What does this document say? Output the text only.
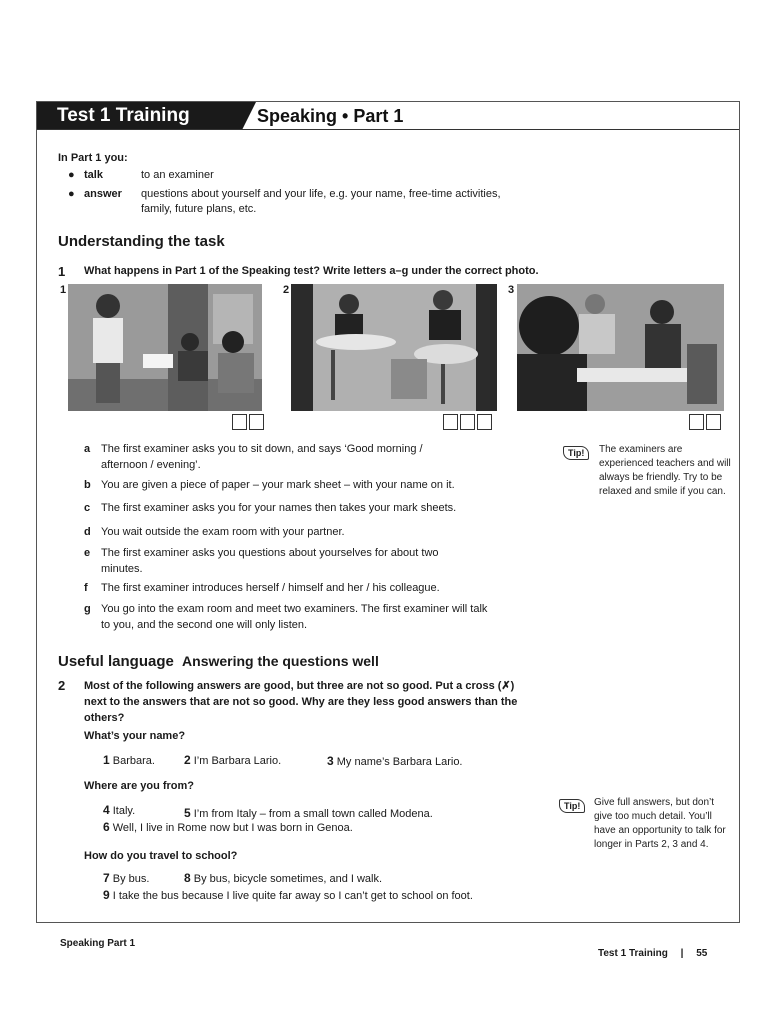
Test 1 Training	Speaking • Part 1
In Part 1 you:
● talk	to an examiner
● answer questions about yourself and your life, e.g. your name, free-time activities, family, future plans, etc.
Understanding the task
1 What happens in Part 1 of the Speaking test? Write letters a–g under the correct photo.
1	2	3
a The first examiner asks you to sit down, and says ‘Good morning / afternoon / evening’.
b You are given a piece of paper – your mark sheet – with your name on it.
c The first examiner asks you for your names then takes your mark sheets.
d You wait outside the exam room with your partner.
e The first examiner asks you questions about yourselves for about two minutes.
f The first examiner introduces herself / himself and her / his colleague.
g You go into the exam room and meet two examiners. The first examiner will talk to you, and the second one will only listen.
Tip!	The examiners are experienced teachers and will always be friendly. Try to be relaxed and smile if you can.
Useful language Answering the questions well
2 Most of the following answers are good, but three are not so good. Put a cross (✗) next to the answers that are not so good. Why are they less good answers than the others?
What’s your name?
1 Barbara. 2 I’m Barbara Lario.	3 My name’s Barbara Lario.
Where are you from?
4 Italy.	5 I’m from Italy – from a small town called Modena.
6 Well, I live in Rome now but I was born in Genoa.
How do you travel to school?
7 By bus.	8 By bus, bicycle sometimes, and I walk.
9 I take the bus because I live quite far away so I can’t get to school on foot.
Tip!	Give full answers, but don’t give too much detail. You’ll have an opportunity to talk for longer in Parts 2, 3 and 4.
Speaking Part 1
Test 1 Training | 55
